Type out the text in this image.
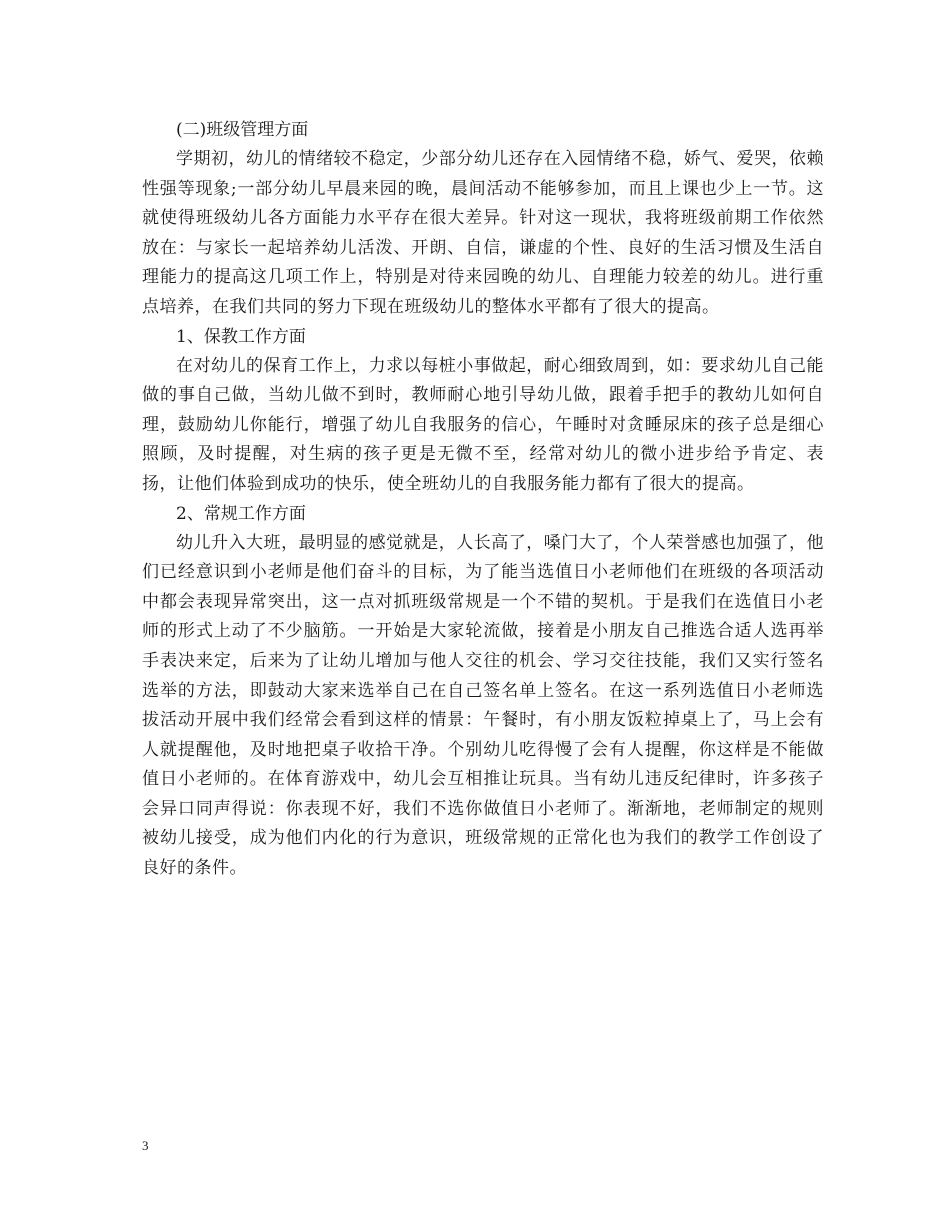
(二)班级管理方面

学期初，幼儿的情绪较不稳定，少部分幼儿还存在入园情绪不稳，娇气、爱哭，依赖性强等现象;一部分幼儿早晨来园的晚，晨间活动不能够参加，而且上课也少上一节。这就使得班级幼儿各方面能力水平存在很大差异。针对这一现状，我将班级前期工作依然放在：与家长一起培养幼儿活泼、开朗、自信，谦虚的个性、良好的生活习惯及生活自理能力的提高这几项工作上，特别是对待来园晚的幼儿、自理能力较差的幼儿。进行重点培养，在我们共同的努力下现在班级幼儿的整体水平都有了很大的提高。

1、保教工作方面

在对幼儿的保育工作上，力求以每桩小事做起，耐心细致周到，如：要求幼儿自己能做的事自己做，当幼儿做不到时，教师耐心地引导幼儿做，跟着手把手的教幼儿如何自理，鼓励幼儿你能行，增强了幼儿自我服务的信心，午睡时对贪睡尿床的孩子总是细心照顾，及时提醒，对生病的孩子更是无微不至，经常对幼儿的微小进步给予肯定、表扬，让他们体验到成功的快乐，使全班幼儿的自我服务能力都有了很大的提高。

2、常规工作方面

幼儿升入大班，最明显的感觉就是，人长高了，嗓门大了，个人荣誉感也加强了，他们已经意识到小老师是他们奋斗的目标，为了能当选值日小老师他们在班级的各项活动中都会表现异常突出，这一点对抓班级常规是一个不错的契机。于是我们在选值日小老师的形式上动了不少脑筋。一开始是大家轮流做，接着是小朋友自己推选合适人选再举手表决来定，后来为了让幼儿增加与他人交往的机会、学习交往技能，我们又实行签名选举的方法，即鼓动大家来选举自己在自己签名单上签名。在这一系列选值日小老师选拔活动开展中我们经常会看到这样的情景：午餐时，有小朋友饭粒掉桌上了，马上会有人就提醒他，及时地把桌子收拾干净。个别幼儿吃得慢了会有人提醒，你这样是不能做值日小老师的。在体育游戏中，幼儿会互相推让玩具。当有幼儿违反纪律时，许多孩子会异口同声得说：你表现不好，我们不选你做值日小老师了。渐渐地，老师制定的规则被幼儿接受，成为他们内化的行为意识，班级常规的正常化也为我们的教学工作创设了良好的条件。

3
